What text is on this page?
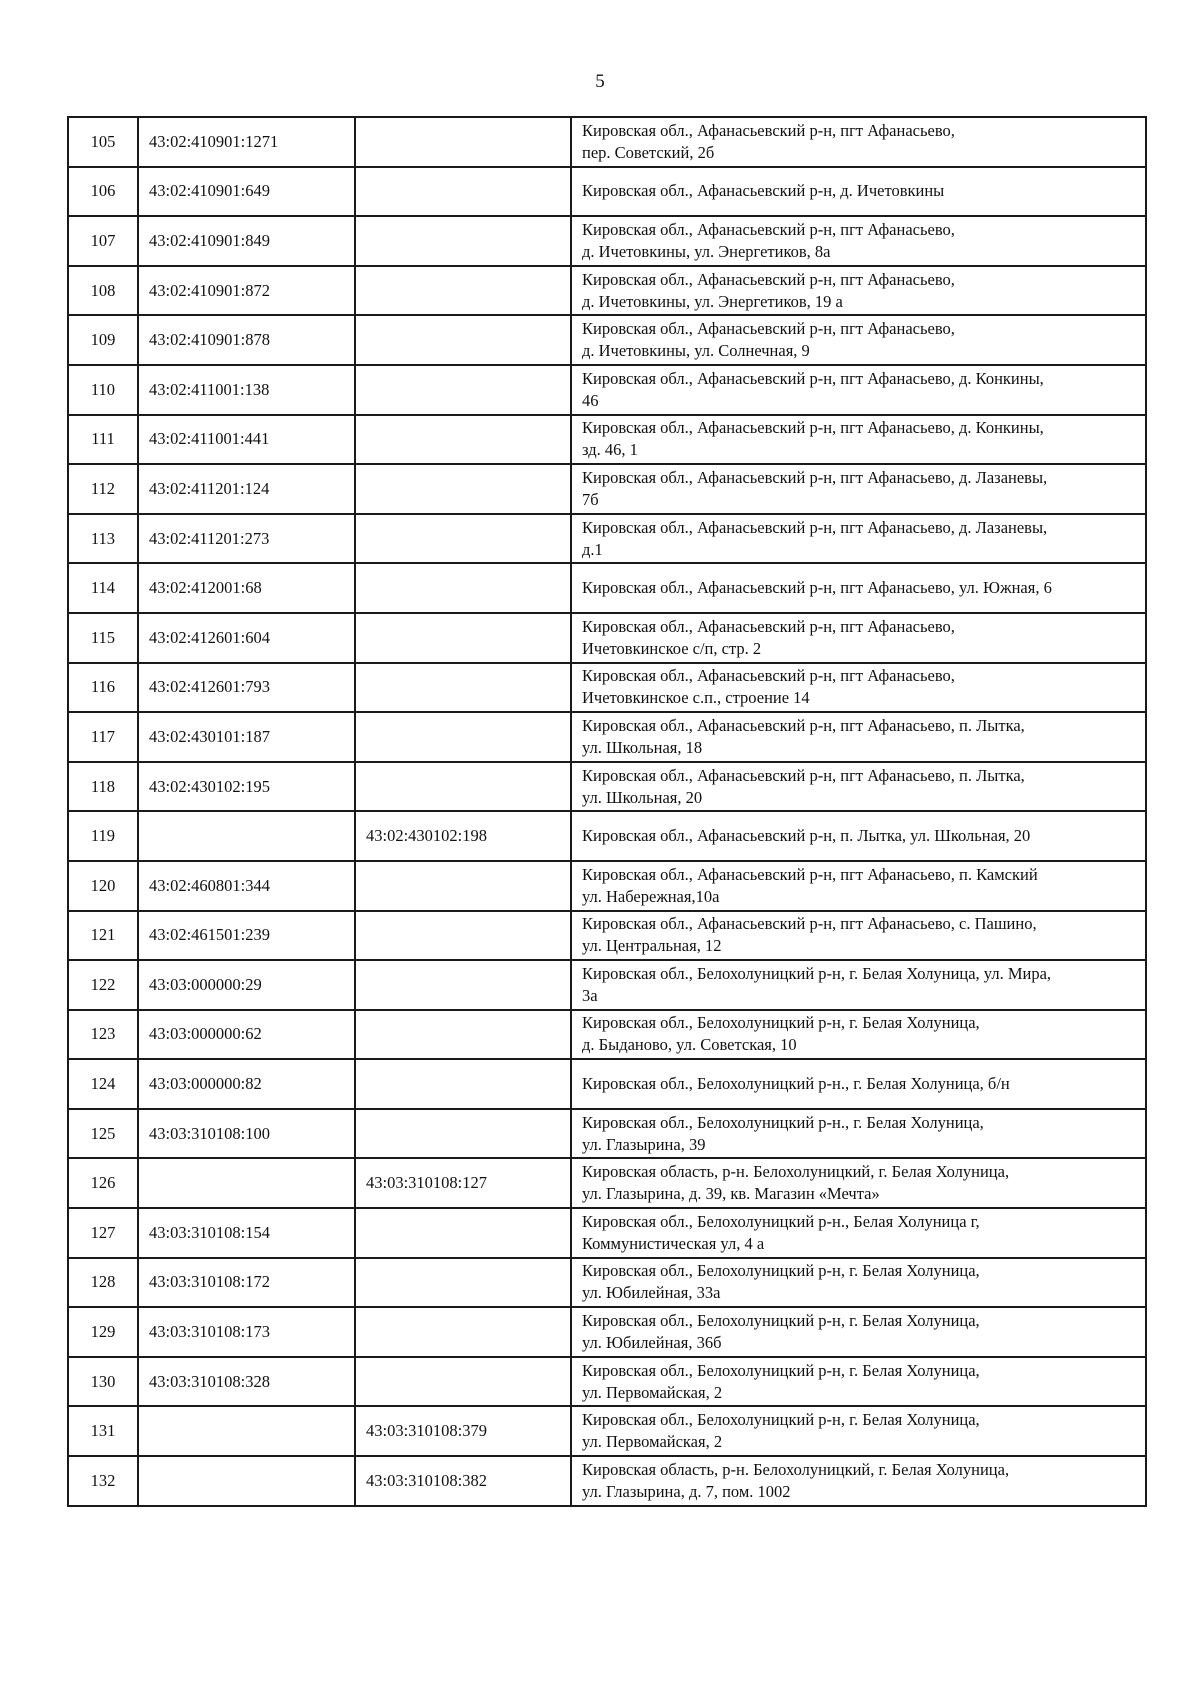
5
105	43:02:410901:1271		Кировская обл., Афанасьевский р-н, пгт Афанасьево,
пер. Советский, 2б
106	43:02:410901:649		Кировская обл., Афанасьевский р-н, д. Ичетовкины
107	43:02:410901:849		Кировская обл., Афанасьевский р-н, пгт Афанасьево,
д. Ичетовкины, ул. Энергетиков, 8а
108	43:02:410901:872		Кировская обл., Афанасьевский р-н, пгт Афанасьево,
д. Ичетовкины, ул. Энергетиков, 19 а
109	43:02:410901:878		Кировская обл., Афанасьевский р-н, пгт Афанасьево,
д. Ичетовкины, ул. Солнечная, 9
110	43:02:411001:138		Кировская обл., Афанасьевский р-н, пгт Афанасьево, д. Конкины,
46
111	43:02:411001:441		Кировская обл., Афанасьевский р-н, пгт Афанасьево, д. Конкины,
зд. 46, 1
112	43:02:411201:124		Кировская обл., Афанасьевский р-н, пгт Афанасьево, д. Лазаневы,
7б
113	43:02:411201:273		Кировская обл., Афанасьевский р-н, пгт Афанасьево, д. Лазаневы,
д.1
114	43:02:412001:68		Кировская обл., Афанасьевский р-н, пгт Афанасьево, ул. Южная, 6
115	43:02:412601:604		Кировская обл., Афанасьевский р-н, пгт Афанасьево,
Ичетовкинское с/п, стр. 2
116	43:02:412601:793		Кировская обл., Афанасьевский р-н, пгт Афанасьево,
Ичетовкинское с.п., строение 14
117	43:02:430101:187		Кировская обл., Афанасьевский р-н, пгт Афанасьево, п. Лытка,
ул. Школьная, 18
118	43:02:430102:195		Кировская обл., Афанасьевский р-н, пгт Афанасьево, п. Лытка,
ул. Школьная, 20
119		43:02:430102:198	Кировская обл., Афанасьевский р-н, п. Лытка, ул. Школьная, 20
120	43:02:460801:344		Кировская обл., Афанасьевский р-н, пгт Афанасьево, п. Камский
ул. Набережная,10а
121	43:02:461501:239		Кировская обл., Афанасьевский р-н, пгт Афанасьево, с. Пашино,
ул. Центральная, 12
122	43:03:000000:29		Кировская обл., Белохолуницкий р-н, г. Белая Холуница, ул. Мира,
3а
123	43:03:000000:62		Кировская обл., Белохолуницкий р-н, г. Белая Холуница,
д. Быданово, ул. Советская, 10
124	43:03:000000:82		Кировская обл., Белохолуницкий р-н., г. Белая Холуница, б/н
125	43:03:310108:100		Кировская обл., Белохолуницкий р-н., г. Белая Холуница,
ул. Глазырина, 39
126		43:03:310108:127	Кировская область, р-н. Белохолуницкий, г. Белая Холуница,
ул. Глазырина, д. 39, кв. Магазин «Мечта»
127	43:03:310108:154		Кировская обл., Белохолуницкий р-н., Белая Холуница г,
Коммунистическая ул, 4 а
128	43:03:310108:172		Кировская обл., Белохолуницкий р-н, г. Белая Холуница,
ул. Юбилейная, 33а
129	43:03:310108:173		Кировская обл., Белохолуницкий р-н, г. Белая Холуница,
ул. Юбилейная, 36б
130	43:03:310108:328		Кировская обл., Белохолуницкий р-н, г. Белая Холуница,
ул. Первомайская, 2
131		43:03:310108:379	Кировская обл., Белохолуницкий р-н, г. Белая Холуница,
ул. Первомайская, 2
132		43:03:310108:382	Кировская область, р-н. Белохолуницкий, г. Белая Холуница,
ул. Глазырина, д. 7, пом. 1002
